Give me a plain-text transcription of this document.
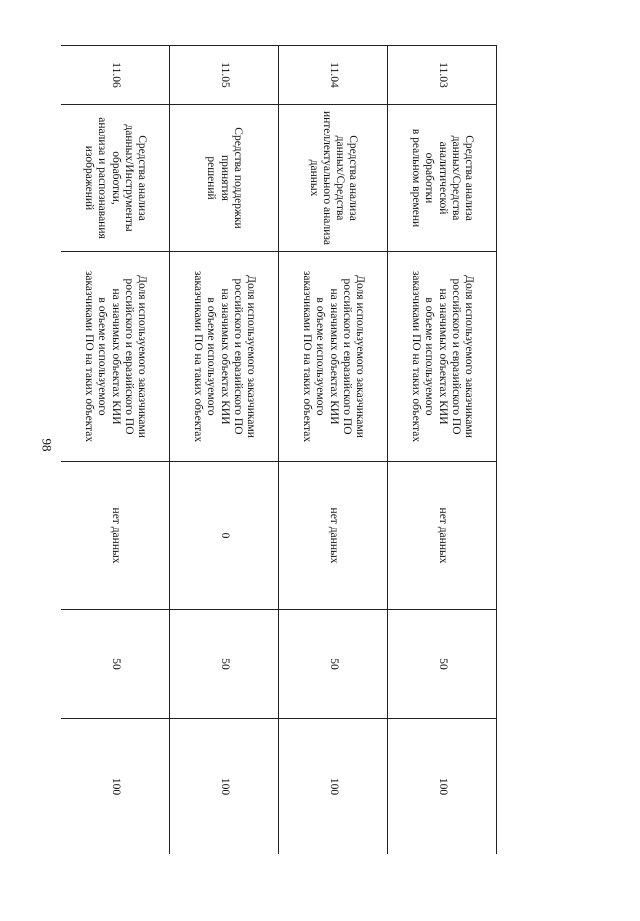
98
11.03	Средства анализа
данных/Средства аналитической
обработки
в реальном времени	Доля используемого заказчиками
российского и евразийского ПО
на значимых объектах КИИ
в объеме используемого
заказчиками ПО на таких объектах	нет данных	50	100
11.04	Средства анализа
данных/Средства
интеллектуального анализа
данных	Доля используемого заказчиками
российского и евразийского ПО
на значимых объектах КИИ
в объеме используемого
заказчиками ПО на таких объектах	нет данных	50	100
11.05	Средства поддержки принятия
решений	Доля используемого заказчиками
российского и евразийского ПО
на значимых объектах КИИ
в объеме используемого
заказчиками ПО на таких объектах	0	50	100
11.06	Средства анализа
данных/Инструменты обработки,
анализа и распознавания
изображений	Доля используемого заказчиками
российского и евразийского ПО
на значимых объектах КИИ
в объеме используемого
заказчиками ПО на таких объектах	нет данных	50	100
